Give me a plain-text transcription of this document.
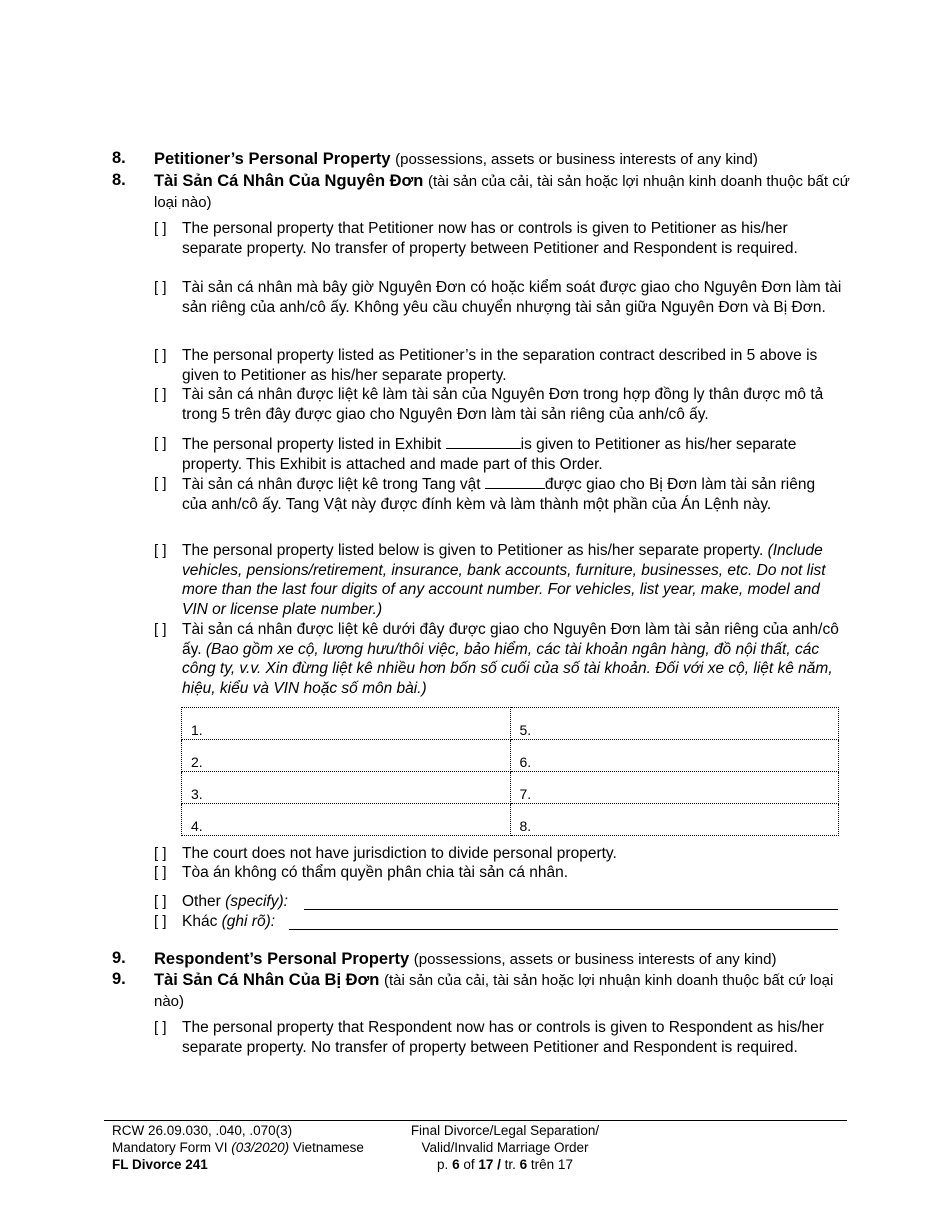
8. Petitioner’s Personal Property (possessions, assets or business interests of any kind)
8. Tài Sản Cá Nhân Của Nguyên Đơn (tài sản của cải, tài sản hoặc lợi nhuận kinh doanh thuộc bất cứ loại nào)
[ ] The personal property that Petitioner now has or controls is given to Petitioner as his/her separate property. No transfer of property between Petitioner and Respondent is required.
[ ] Tài sản cá nhân mà bây giờ Nguyên Đơn có hoặc kiểm soát được giao cho Nguyên Đơn làm tài sản riêng của anh/cô ấy. Không yêu cầu chuyển nhượng tài sản giữa Nguyên Đơn và Bị Đơn.
[ ] The personal property listed as Petitioner’s in the separation contract described in 5 above is given to Petitioner as his/her separate property.
[ ] Tài sản cá nhân được liệt kê làm tài sản của Nguyên Đơn trong hợp đồng ly thân được mô tả trong 5 trên đây được giao cho Nguyên Đơn làm tài sản riêng của anh/cô ấy.
[ ] The personal property listed in Exhibit	is given to Petitioner as his/her separate property. This Exhibit is attached and made part of this Order.
[ ] Tài sản cá nhân được liệt kê trong Tang vật	được giao cho Bị Đơn làm tài sản riêng của anh/cô ấy. Tang Vật này được đính kèm và làm thành một phần của Án Lệnh này.
[ ] The personal property listed below is given to Petitioner as his/her separate property. (Include vehicles, pensions/retirement, insurance, bank accounts, furniture, businesses, etc. Do not list more than the last four digits of any account number. For vehicles, list year, make, model and VIN or license plate number.)
[ ] Tài sản cá nhân được liệt kê dưới đây được giao cho Nguyên Đơn làm tài sản riêng của anh/cô ấy. (Bao gồm xe cộ, lương hưu/thôi việc, bảo hiểm, các tài khoản ngân hàng, đồ nội thất, các công ty, v.v. Xin đừng liệt kê nhiều hơn bốn số cuối của số tài khoản. Đối với xe cộ, liệt kê năm, hiệu, kiểu và VIN hoặc số môn bài.)
1.	5.
2.	6.
3.	7.
4.	8.
[ ] The court does not have jurisdiction to divide personal property.
[ ] Tòa án không có thẩm quyền phân chia tài sản cá nhân.
[ ] Other (specify):
[ ] Khác (ghi rõ):
9. Respondent’s Personal Property (possessions, assets or business interests of any kind)
9. Tài Sản Cá Nhân Của Bị Đơn (tài sản của cải, tài sản hoặc lợi nhuận kinh doanh thuộc bất cứ loại nào)
[ ] The personal property that Respondent now has or controls is given to Respondent as his/her separate property. No transfer of property between Petitioner and Respondent is required.
RCW 26.09.030, .040, .070(3)
Mandatory Form VI (03/2020) Vietnamese
FL Divorce 241
Final Divorce/Legal Separation/
Valid/Invalid Marriage Order
p. 6 of 17 / tr. 6 trên 17
